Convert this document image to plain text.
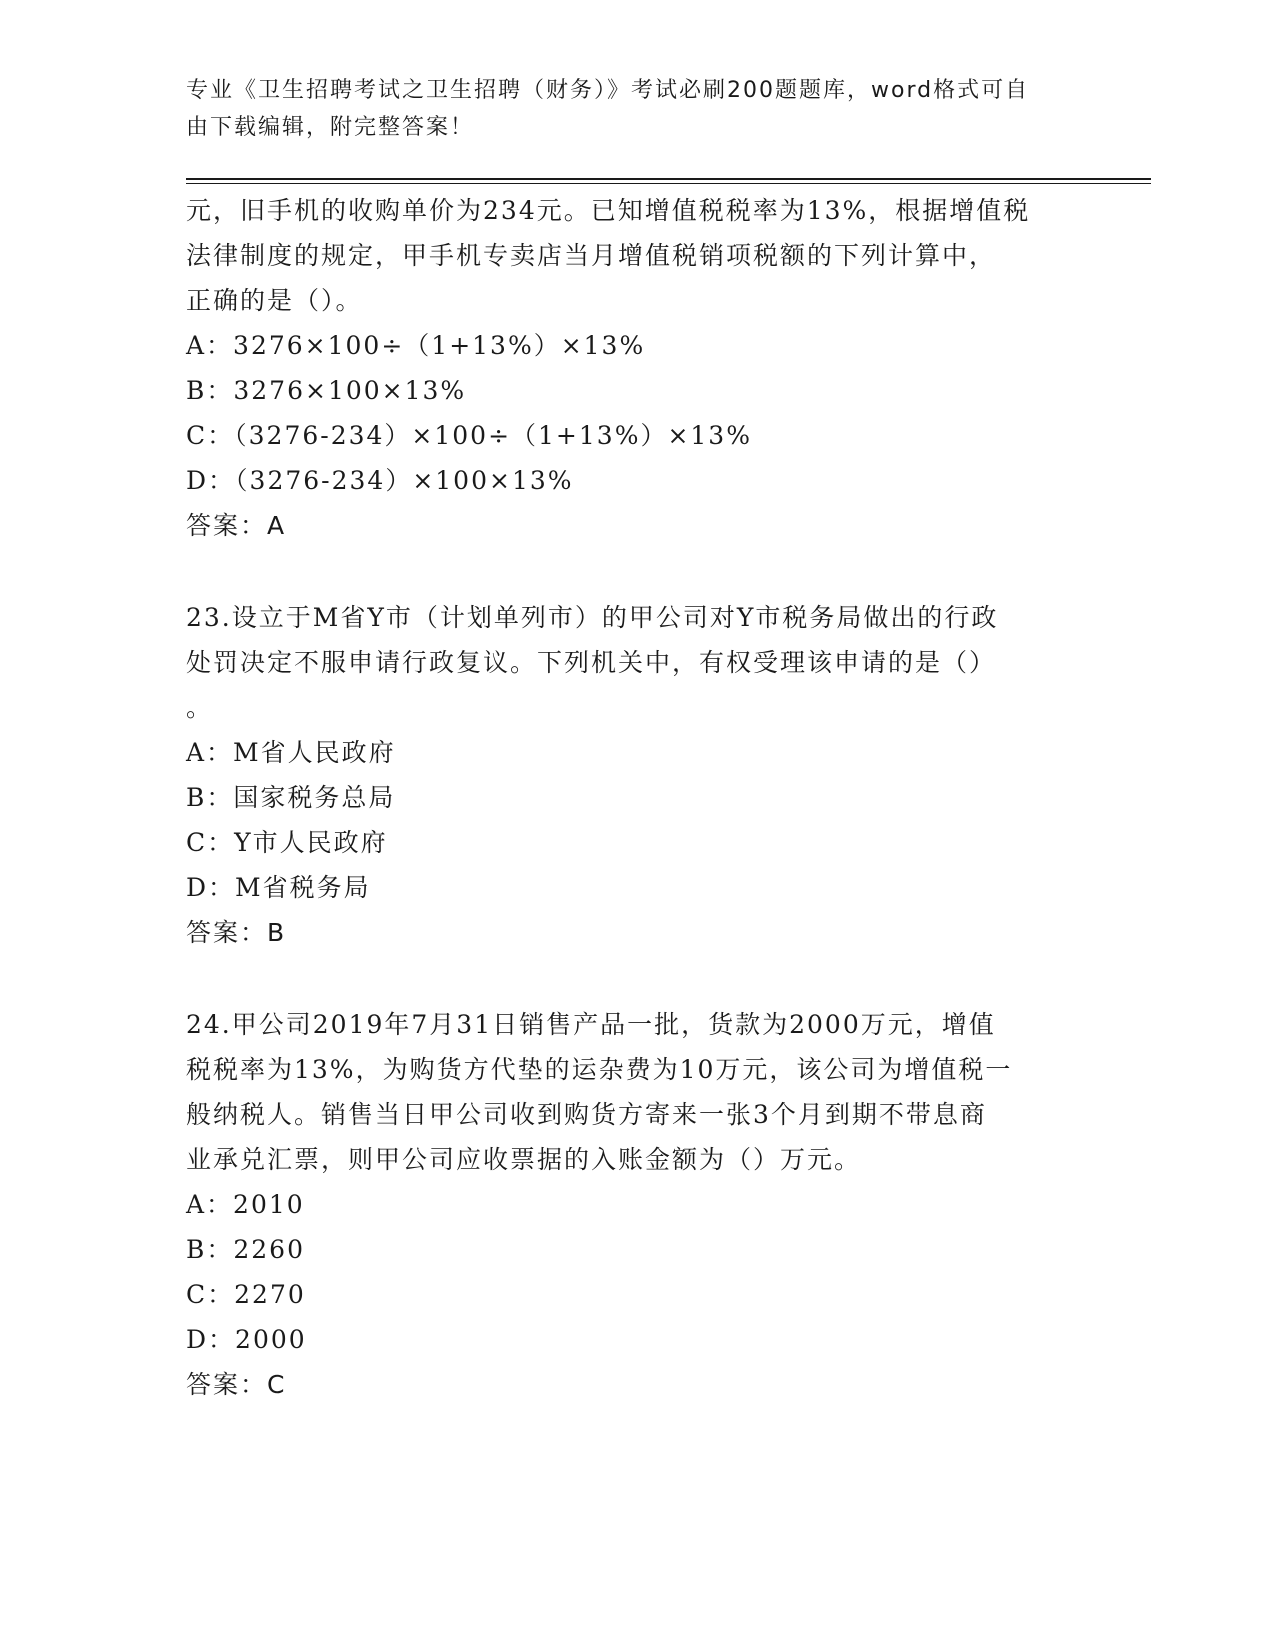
专业《卫生招聘考试之卫生招聘（财务）》考试必刷200题题库，word格式可自
由下载编辑，附完整答案！
元，旧手机的收购单价为234元。已知增值税税率为13%，根据增值税
法律制度的规定，甲手机专卖店当月增值税销项税额的下列计算中，
正确的是（）。
A：3276×100÷（1+13%）×13%
B：3276×100×13%
C：（3276-234）×100÷（1+13%）×13%
D：（3276-234）×100×13%
答案：A
23.设立于M省Y市（计划单列市）的甲公司对Y市税务局做出的行政
处罚决定不服申请行政复议。下列机关中，有权受理该申请的是（）
。
A：M省人民政府
B：国家税务总局
C：Y市人民政府
D：M省税务局
答案：B
24.甲公司2019年7月31日销售产品一批，货款为2000万元，增值
税税率为13%，为购货方代垫的运杂费为10万元，该公司为增值税一
般纳税人。销售当日甲公司收到购货方寄来一张3个月到期不带息商
业承兑汇票，则甲公司应收票据的入账金额为（）万元。
A：2010
B：2260
C：2270
D：2000
答案：C
